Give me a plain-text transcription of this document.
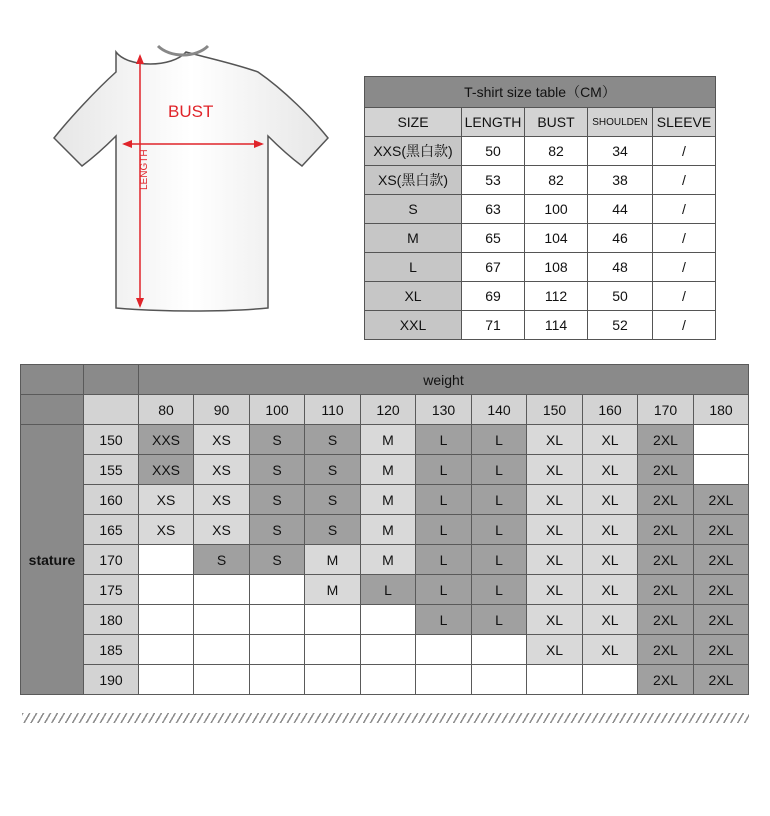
BUST
LENGTH
T-shirt size table（CM）				
SIZE	LENGTH	BUST	SHOULDEN	SLEEVE
XXS(黑白款)	50	82	34	/
XS(黑白款)	53	82	38	/
S	63	100	44	/
M	65	104	46	/
L	67	108	48	/
XL	69	112	50	/
XXL	71	114	52	/
		weight										
		80	90	100	110	120	130	140	150	160	170	180
stature	150	XXS	XS	S	S	M	L	L	XL	XL	2XL	
	155	XXS	XS	S	S	M	L	L	XL	XL	2XL	
	160	XS	XS	S	S	M	L	L	XL	XL	2XL	2XL
	165	XS	XS	S	S	M	L	L	XL	XL	2XL	2XL
	170		S	S	M	M	L	L	XL	XL	2XL	2XL
	175				M	L	L	L	XL	XL	2XL	2XL
	180						L	L	XL	XL	2XL	2XL
	185								XL	XL	2XL	2XL
	190										2XL	2XL
